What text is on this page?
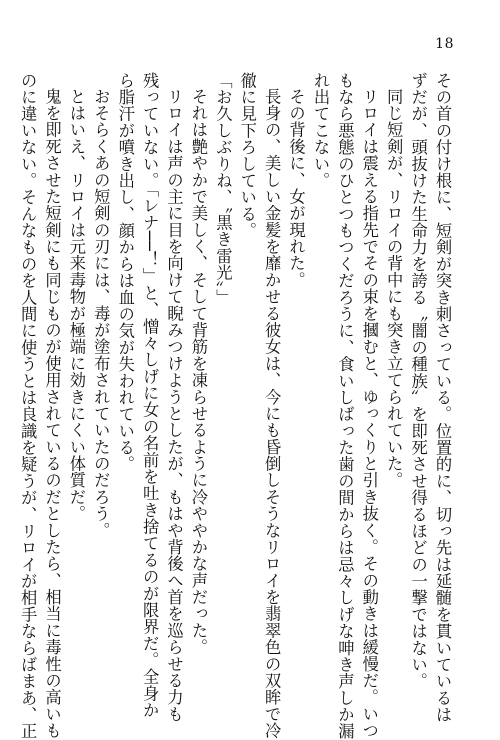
18

その首の付け根に、短剣が突き刺さっている。位置的に、切っ先は延髄を貫いているは

ずだが、頭抜けた生命力を誇る〝闇の種族〟を即死させ得るほどの一撃ではない。

同じ短剣が、リロイの背中にも突き立てられていた。

リロイは震える指先でその束を摑むと、ゆっくりと引き抜く。その動きは緩慢だ。いつ

もなら悪態のひとつもつくだろうに、食いしばった歯の間からは忌々しげな呻き声しか漏

れ出てこない。

その背後に、女が現れた。

長身の、美しい金髪を靡かせる彼女は、今にも昏倒しそうなリロイを翡翠色の双眸で冷

徹に見下ろしている。

「お久しぶりね、〝黒き雷光〟」

それは艶やかで美しく、そして背筋を凍らせるように冷ややかな声だった。

リロイは声の主に目を向けて睨みつけようとしたが、もはや背後へ首を巡らせる力も

残っていない。「レナ──！」と、憎々しげに女の名前を吐き捨てるのが限界だ。全身か

ら脂汗が噴き出し、顔からは血の気が失われている。

おそらくあの短剣の刃には、毒が塗布されていたのだろう。

とはいえ、リロイは元来毒物が極端に効きにくい体質だ。

鬼を即死させた短剣にも同じものが使用されているのだとしたら、相当に毒性の高いも

のに違いない。そんなものを人間に使うとは良識を疑うが、リロイが相手ならばまあ、正
